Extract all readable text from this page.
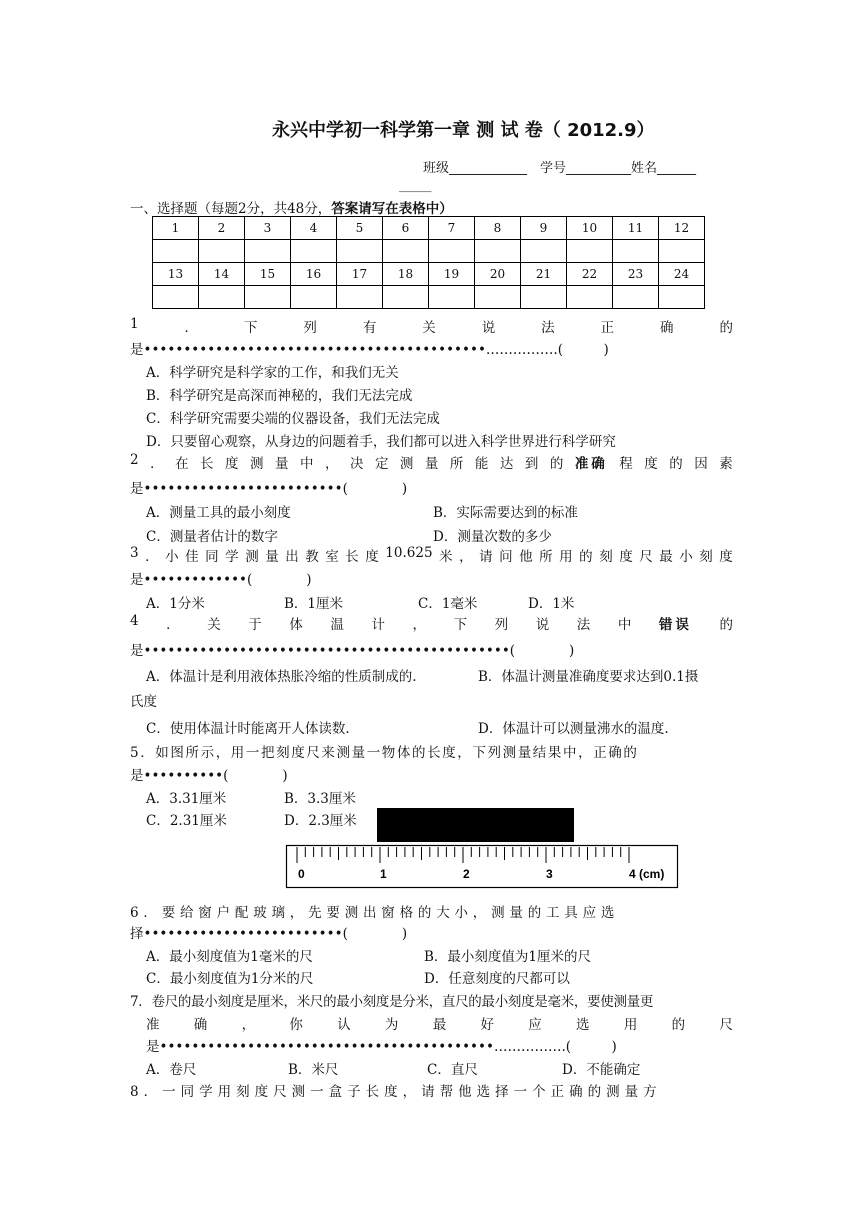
永兴中学初一科学第一章 测 试 卷（ 2012.9）
班级____________　学号__________姓名______
_____
一、选择题（每题2分，共48分，答案请写在表格中）
1	2	3	4	5	6	7	8	9	10	11	12

13	14	15	16	17	18	19	20	21	22	23	24

1	．	下	列	有	关	说	法	正	确	的
是•••••••••••••••••••••••••••••••••••••••••••…………….(　　　)
A．科学研究是科学家的工作，和我们无关
B．科学研究是高深而神秘的，我们无法完成
C．科学研究需要尖端的仪器设备，我们无法完成
D．只要留心观察，从身边的问题着手，我们都可以进入科学世界进行科学研究
2 ． 在 长 度 测 量 中 ， 决 定 测 量 所 能 达 到 的 准确 程 度 的 因 素
是•••••••••••••••••••••••••(　　　　)
A．测量工具的最小刻度	B．实际需要达到的标准
C．测量者估计的数字	D．测量次数的多少
3 ． 小 佳 同 学 测 量 出 教 室 长 度 10.625 米 ， 请 问 他 所 用 的 刻 度 尺 最 小 刻 度
是•••••••••••••(　　　　)
A．1分米	B．1厘米	C．1毫米	D．1米
4 ． 关 于 体 温 计 ， 下 列 说 法 中 错误 的
是••••••••••••••••••••••••••••••••••••••••••••••(　　　　)
A．体温计是利用液体热胀冷缩的性质制成的.	B．体温计测量准确度要求达到0.1摄
氏度
C．使用体温计时能离开人体读数.	D．体温计可以测量沸水的温度.
5．如图所示，用一把刻度尺来测量一物体的长度，下列测量结果中，正确的
是••••••••••(　　　　)
A．3.31厘米	B．3.3厘米
C．2.31厘米	D．2.3厘米
0	1	2	3	4 (cm)
6．要给窗户配玻璃，先要测出窗格的大小，测量的工具应选
择•••••••••••••••••••••••••(　　　　)
A．最小刻度值为1毫米的尺	B．最小刻度值为1厘米的尺
C．最小刻度值为1分米的尺	D．任意刻度的尺都可以
7．卷尺的最小刻度是厘米，米尺的最小刻度是分米，直尺的最小刻度是毫米，要使测量更
准	确	，	你	认	为	最	好	应	选	用	的	尺
是••••••••••••••••••••••••••••••••••••••••••…………….(　　　)
A．卷尺	B．米尺	C．直尺	D．不能确定
8．一同学用刻度尺测一盒子长度，请帮他选择一个正确的测量方
